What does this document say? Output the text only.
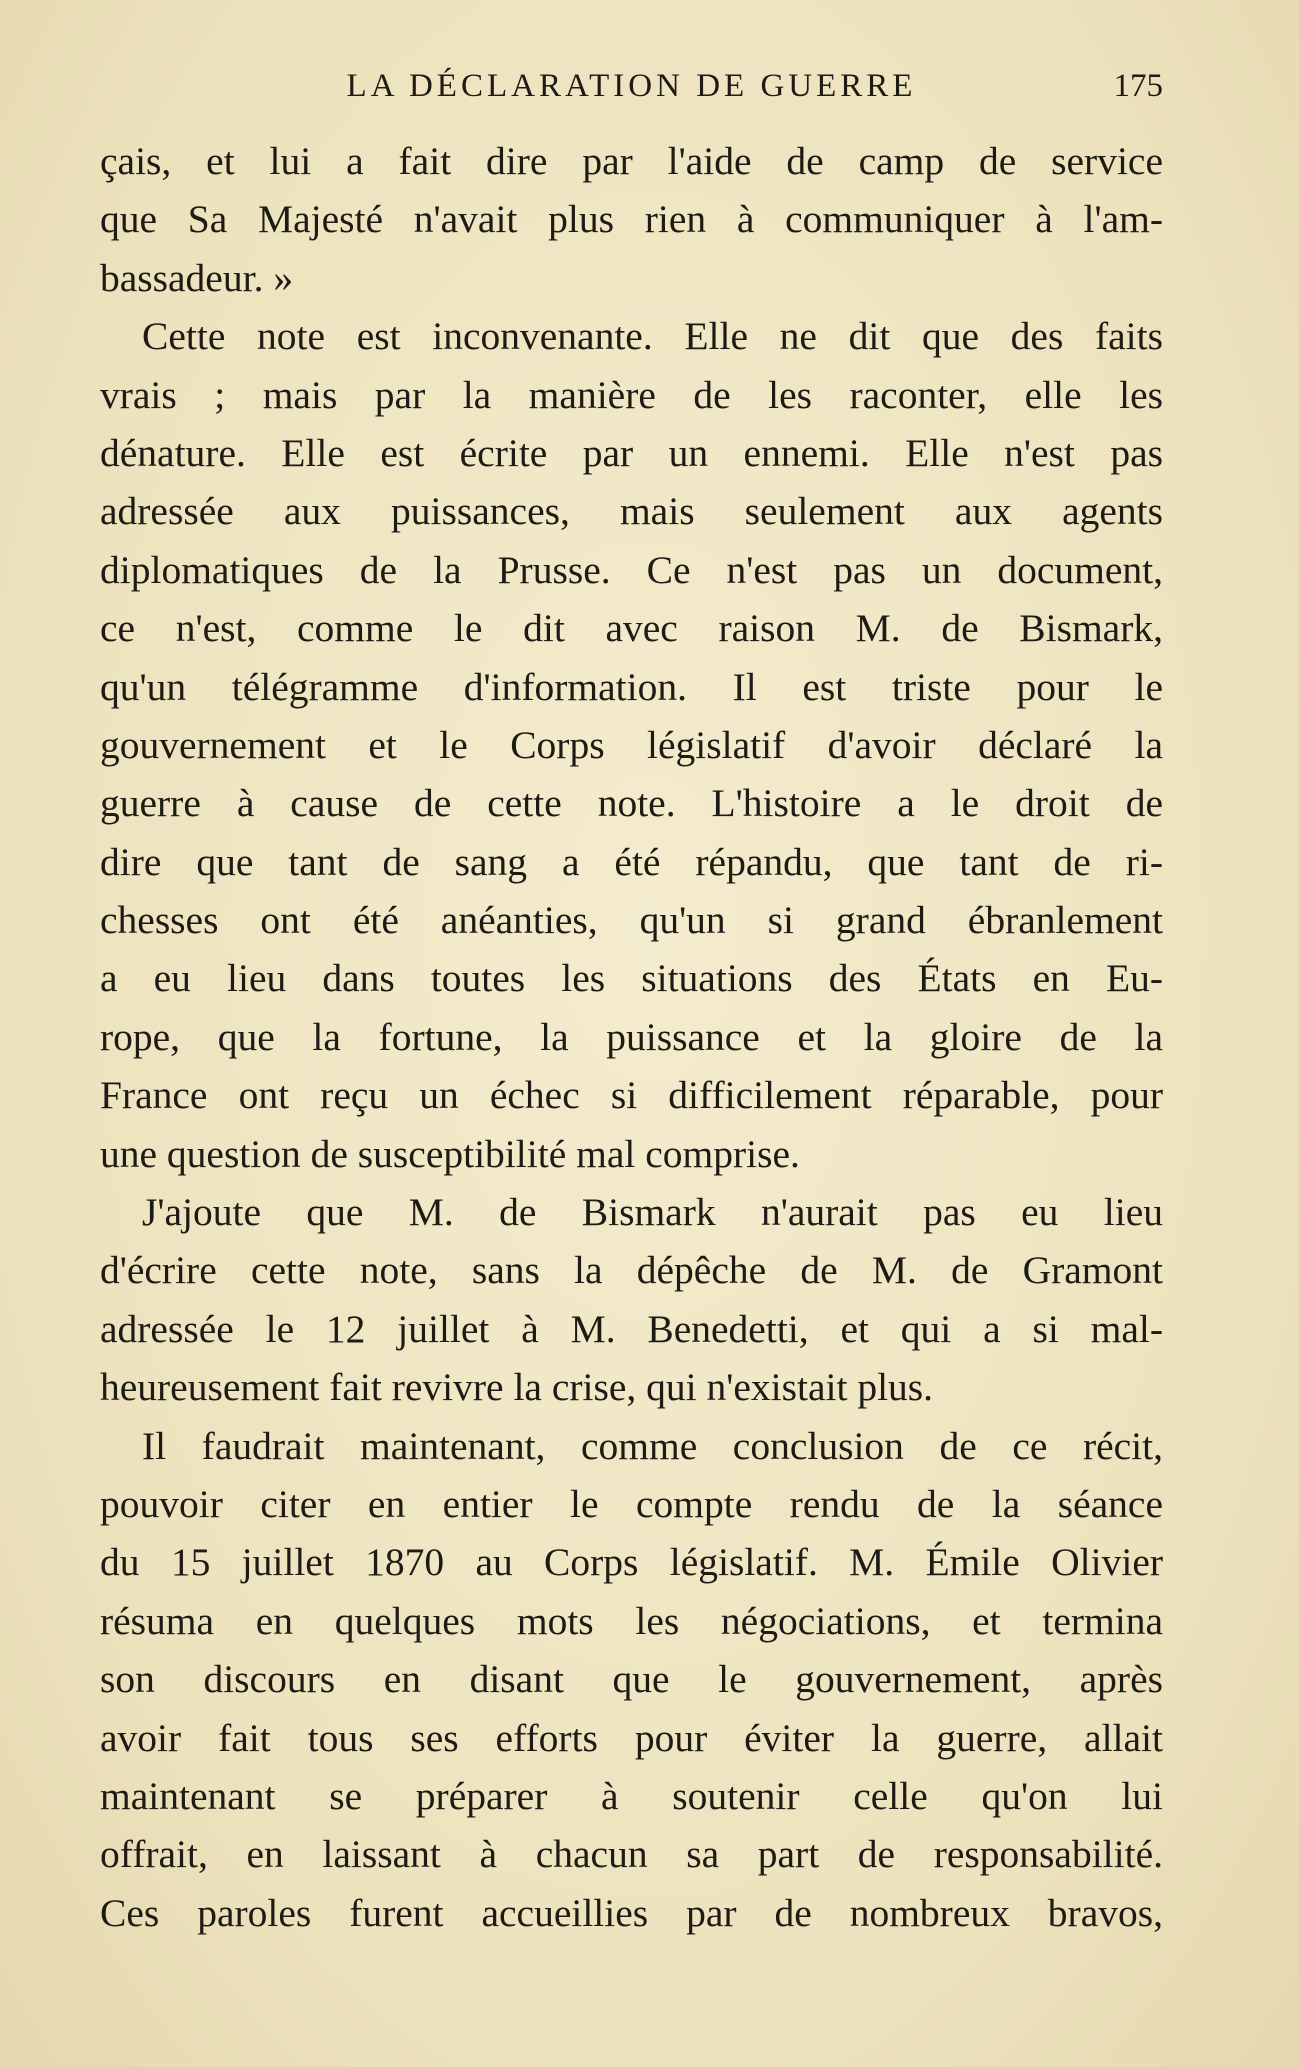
LA DÉCLARATION DE GUERRE	175
çais, et lui a fait dire par l'aide de camp de service
que Sa Majesté n'avait plus rien à communiquer à l'am-
bassadeur. »
Cette note est inconvenante. Elle ne dit que des faits
vrais ; mais par la manière de les raconter, elle les
dénature. Elle est écrite par un ennemi. Elle n'est pas
adressée aux puissances, mais seulement aux agents
diplomatiques de la Prusse. Ce n'est pas un document,
ce n'est, comme le dit avec raison M. de Bismark,
qu'un télégramme d'information. Il est triste pour le
gouvernement et le Corps législatif d'avoir déclaré la
guerre à cause de cette note. L'histoire a le droit de
dire que tant de sang a été répandu, que tant de ri-
chesses ont été anéanties, qu'un si grand ébranlement
a eu lieu dans toutes les situations des États en Eu-
rope, que la fortune, la puissance et la gloire de la
France ont reçu un échec si difficilement réparable, pour
une question de susceptibilité mal comprise.
J'ajoute que M. de Bismark n'aurait pas eu lieu
d'écrire cette note, sans la dépêche de M. de Gramont
adressée le 12 juillet à M. Benedetti, et qui a si mal-
heureusement fait revivre la crise, qui n'existait plus.
Il faudrait maintenant, comme conclusion de ce récit,
pouvoir citer en entier le compte rendu de la séance
du 15 juillet 1870 au Corps législatif. M. Émile Olivier
résuma en quelques mots les négociations, et termina
son discours en disant que le gouvernement, après
avoir fait tous ses efforts pour éviter la guerre, allait
maintenant se préparer à soutenir celle qu'on lui
offrait, en laissant à chacun sa part de responsabilité.
Ces paroles furent accueillies par de nombreux bravos,
